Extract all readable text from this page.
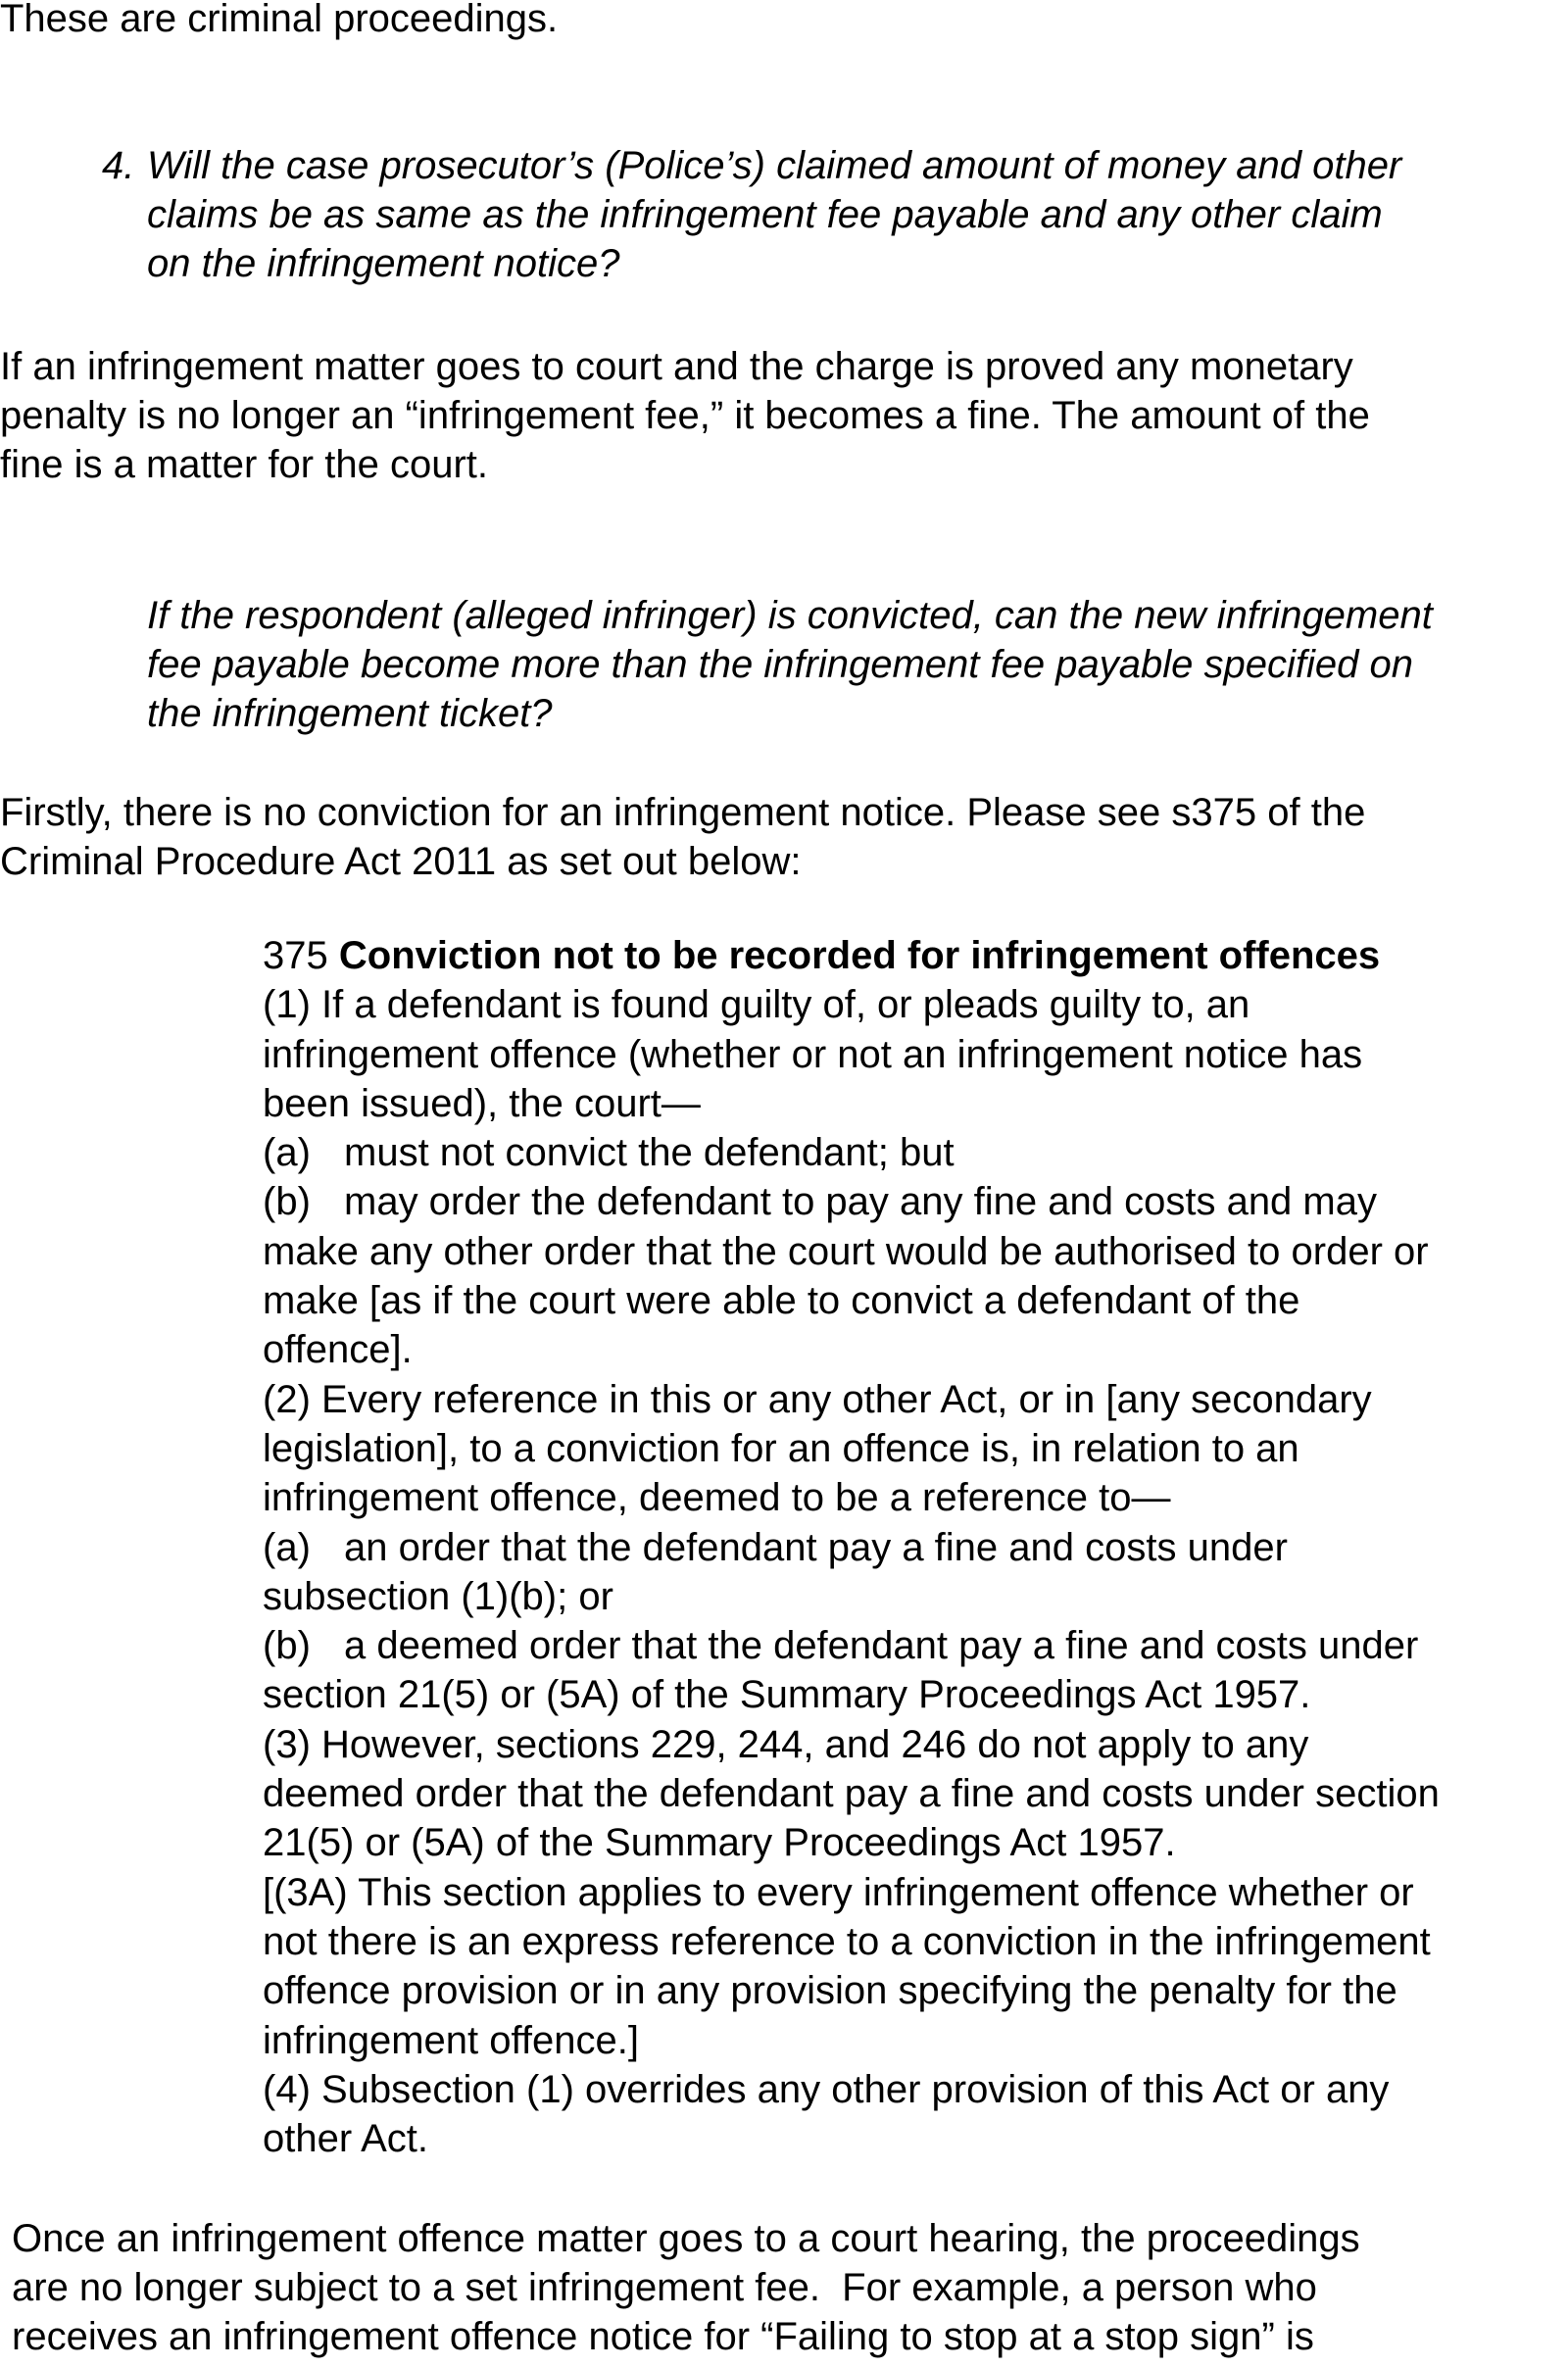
These are criminal proceedings.

4. Will the case prosecutor’s (Police’s) claimed amount of money and other
claims be as same as the infringement fee payable and any other claim
on the infringement notice?

If an infringement matter goes to court and the charge is proved any monetary
penalty is no longer an “infringement fee,” it becomes a fine. The amount of the
fine is a matter for the court.

If the respondent (alleged infringer) is convicted, can the new infringement
fee payable become more than the infringement fee payable specified on
the infringement ticket?

Firstly, there is no conviction for an infringement notice. Please see s375 of the
Criminal Procedure Act 2011 as set out below:

375 Conviction not to be recorded for infringement offences
(1) If a defendant is found guilty of, or pleads guilty to, an
infringement offence (whether or not an infringement notice has
been issued), the court—
(a) must not convict the defendant; but
(b) may order the defendant to pay any fine and costs and may
make any other order that the court would be authorised to order or
make [as if the court were able to convict a defendant of the
offence].
(2) Every reference in this or any other Act, or in [any secondary
legislation], to a conviction for an offence is, in relation to an
infringement offence, deemed to be a reference to—
(a) an order that the defendant pay a fine and costs under
subsection (1)(b); or
(b) a deemed order that the defendant pay a fine and costs under
section 21(5) or (5A) of the Summary Proceedings Act 1957.
(3) However, sections 229, 244, and 246 do not apply to any
deemed order that the defendant pay a fine and costs under section
21(5) or (5A) of the Summary Proceedings Act 1957.
[(3A) This section applies to every infringement offence whether or
not there is an express reference to a conviction in the infringement
offence provision or in any provision specifying the penalty for the
infringement offence.]
(4) Subsection (1) overrides any other provision of this Act or any
other Act.

Once an infringement offence matter goes to a court hearing, the proceedings
are no longer subject to a set infringement fee.  For example, a person who
receives an infringement offence notice for “Failing to stop at a stop sign” is
